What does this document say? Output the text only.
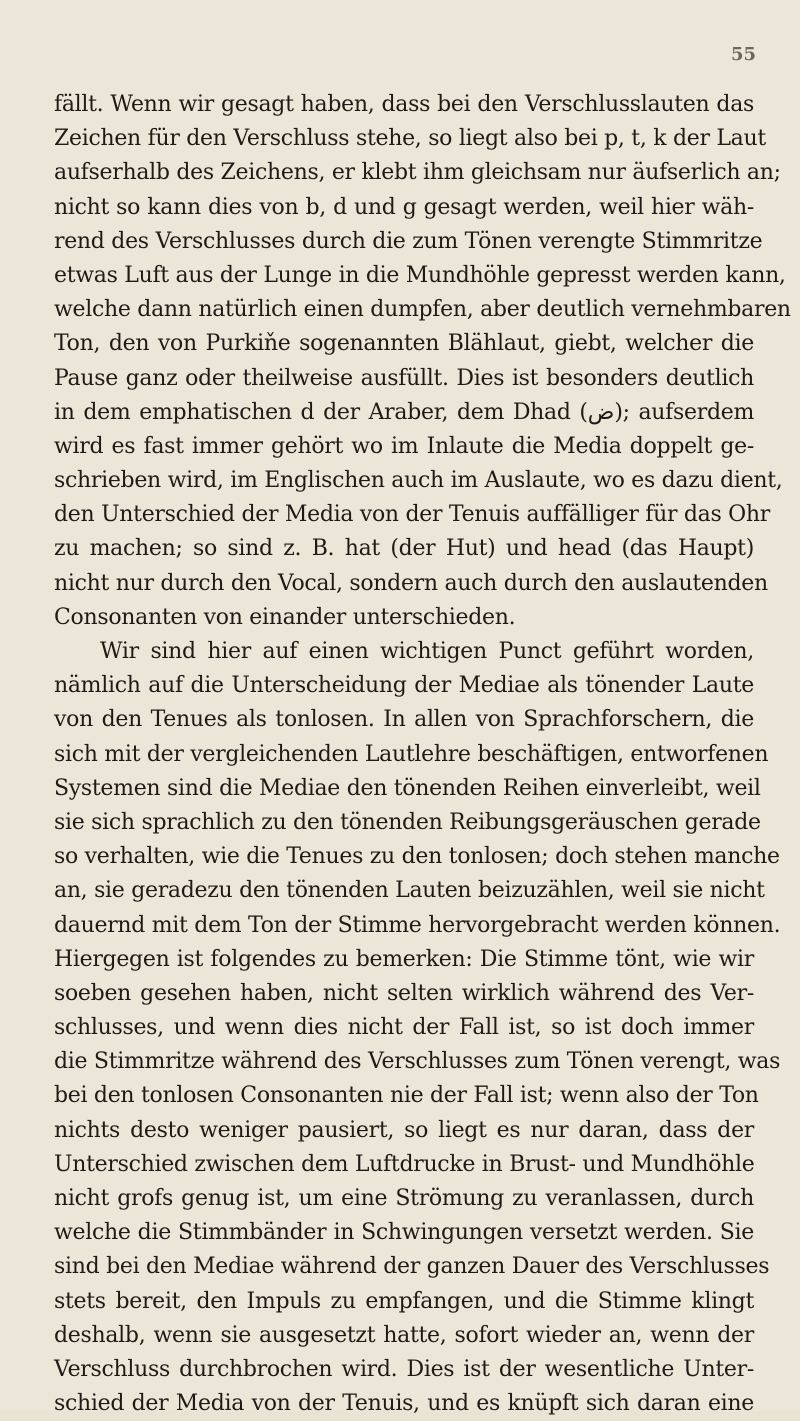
55
fällt. Wenn wir gesagt haben, dass bei den Verschlusslauten das
Zeichen für den Verschluss stehe, so liegt also bei p, t, k der Laut
aufserhalb des Zeichens, er klebt ihm gleichsam nur äufserlich an;
nicht so kann dies von b, d und g gesagt werden, weil hier wäh-
rend des Verschlusses durch die zum Tönen verengte Stimmritze
etwas Luft aus der Lunge in die Mundhöhle gepresst werden kann,
welche dann natürlich einen dumpfen, aber deutlich vernehmbaren
Ton, den von Purkiňe sogenannten Blählaut, giebt, welcher die
Pause ganz oder theilweise ausfüllt. Dies ist besonders deutlich
in dem emphatischen d der Araber, dem Dhad (ض); aufserdem
wird es fast immer gehört wo im Inlaute die Media doppelt ge-
schrieben wird, im Englischen auch im Auslaute, wo es dazu dient,
den Unterschied der Media von der Tenuis auffälliger für das Ohr
zu machen; so sind z. B. hat (der Hut) und head (das Haupt)
nicht nur durch den Vocal, sondern auch durch den auslautenden
Consonanten von einander unterschieden.
Wir sind hier auf einen wichtigen Punct geführt worden,
nämlich auf die Unterscheidung der Mediae als tönender Laute
von den Tenues als tonlosen. In allen von Sprachforschern, die
sich mit der vergleichenden Lautlehre beschäftigen, entworfenen
Systemen sind die Mediae den tönenden Reihen einverleibt, weil
sie sich sprachlich zu den tönenden Reibungsgeräuschen gerade
so verhalten, wie die Tenues zu den tonlosen; doch stehen manche
an, sie geradezu den tönenden Lauten beizuzählen, weil sie nicht
dauernd mit dem Ton der Stimme hervorgebracht werden können.
Hiergegen ist folgendes zu bemerken: Die Stimme tönt, wie wir
soeben gesehen haben, nicht selten wirklich während des Ver-
schlusses, und wenn dies nicht der Fall ist, so ist doch immer
die Stimmritze während des Verschlusses zum Tönen verengt, was
bei den tonlosen Consonanten nie der Fall ist; wenn also der Ton
nichts desto weniger pausiert, so liegt es nur daran, dass der
Unterschied zwischen dem Luftdrucke in Brust- und Mundhöhle
nicht grofs genug ist, um eine Strömung zu veranlassen, durch
welche die Stimmbänder in Schwingungen versetzt werden. Sie
sind bei den Mediae während der ganzen Dauer des Verschlusses
stets bereit, den Impuls zu empfangen, und die Stimme klingt
deshalb, wenn sie ausgesetzt hatte, sofort wieder an, wenn der
Verschluss durchbrochen wird. Dies ist der wesentliche Unter-
schied der Media von der Tenuis, und es knüpft sich daran eine
